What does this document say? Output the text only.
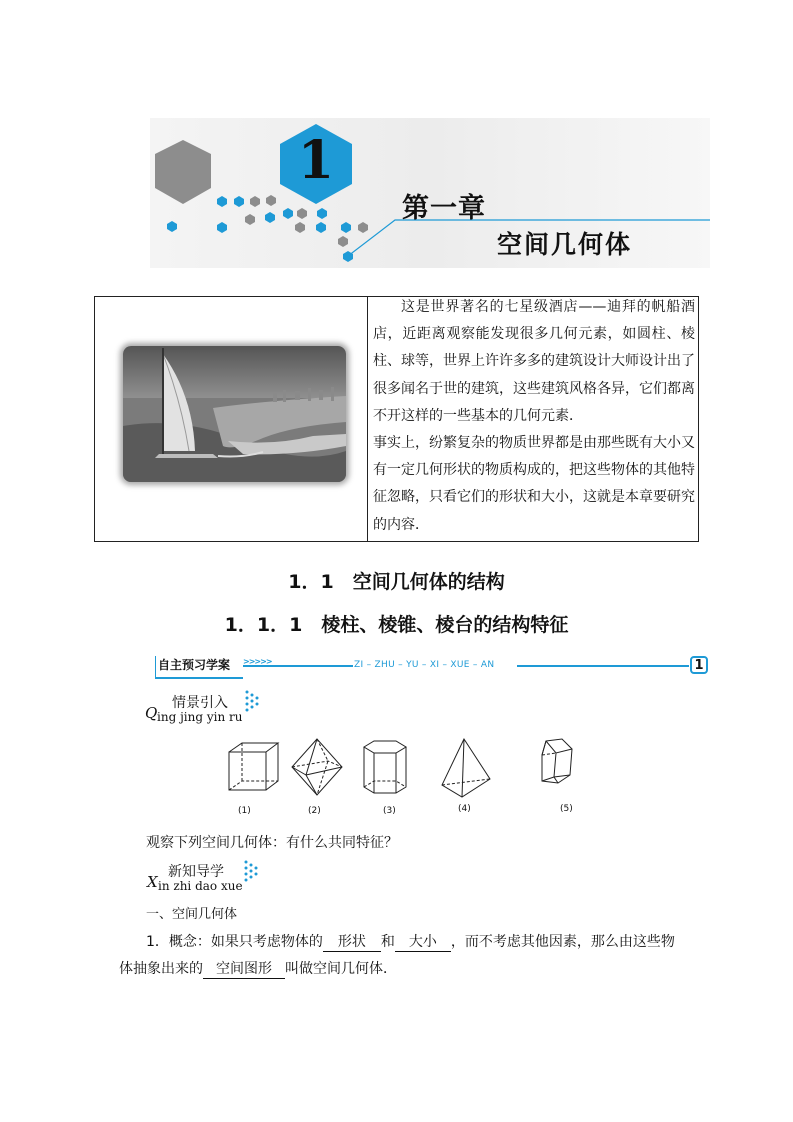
1
第一章
空间几何体

这是世界著名的七星级酒店——迪拜的帆船酒店，近距离观察能发现很多几何元素，如圆柱、棱柱、球等，世界上许许多多的建筑设计大师设计出了很多闻名于世的建筑，这些建筑风格各异，它们都离不开这样的一些基本的几何元素．

事实上，纷繁复杂的物质世界都是由那些既有大小又有一定几何形状的物质构成的，把这些物体的其他特征忽略，只看它们的形状和大小，这就是本章要研究的内容．

1．1　空间几何体的结构
1．1．1　棱柱、棱锥、棱台的结构特征
自主预习学案 >>>>>	ZI – ZHU – YU – XI – XUE – AN	1
情景引入
Q ing jing yin ru
(1)	(2)	(3)	(4)	(5)
观察下列空间几何体：有什么共同特征？
新知导学
X in zhi dao xue
一、空间几何体
1．概念：如果只考虑物体的 形状 和 大小 ，而不考虑其他因素，那么由这些物
体抽象出来的 空间图形 叫做空间几何体．
